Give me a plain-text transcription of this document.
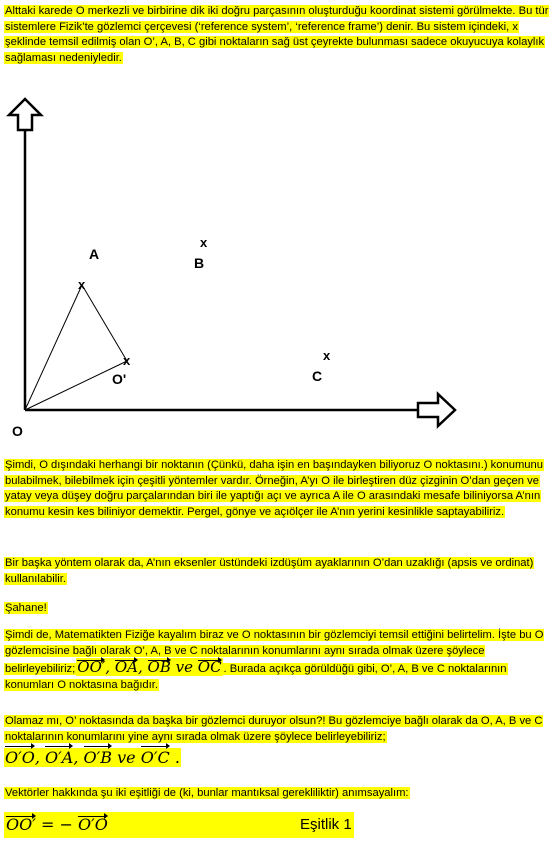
Alttaki karede O merkezli ve birbirine dik iki doğru parçasının oluşturduğu koordinat sistemi görülmekte. Bu tür sistemlere Fizik’te gözlemci çerçevesi (‘reference system’, ‘reference frame’) denir. Bu sistem içindeki, x şeklinde temsil edilmiş olan O’, A, B, C gibi noktaların sağ üst çeyrekte bulunması sadece okuyucuya kolaylık sağlaması nedeniyledir.
x
x
x
x
A
B
C
O'
O
Şimdi, O dışındaki herhangi bir noktanın (Çünkü, daha işin en başındayken biliyoruz O noktasını.) konumunu bulabilmek, bilebilmek için çeşitli yöntemler vardır. Örneğin, A’yı O ile birleştiren düz çizginin O’dan geçen ve yatay veya düşey doğru parçalarından biri ile yaptığı açı ve ayrıca A ile O arasındaki mesafe biliniyorsa A’nın konumu kesin kes biliniyor demektir. Pergel, gönye ve açıölçer ile A’nın yerini kesinlikle saptayabiliriz.
Bir başka yöntem olarak da, A’nın eksenler üstündeki izdüşüm ayaklarının O’dan uzaklığı (apsis ve ordinat) kullanılabilir.
Şahane!
Şimdi de, Matematikten Fiziğe kayalım biraz ve O noktasının bir gözlemciyi temsil ettiğini belirtelim. İşte bu O gözlemcisine bağlı olarak O’, A, B ve C noktalarının konumlarını aynı sırada olmak üzere şöylece belirleyebiliriz; OO′, OA, OB ve OC . Burada açıkça görüldüğü gibi, O’, A, B ve C noktalarının konumları O noktasına bağıdır.
Olamaz mı, O’ noktasında da başka bir gözlemci duruyor olsun?! Bu gözlemciye bağlı olarak da O, A, B ve C noktalarının konumlarını yine aynı sırada olmak üzere şöylece belirleyebiliriz;
O′O, O′A, O′B ve O′C .
Vektörler hakkında şu iki eşitliği de (ki, bunlar mantıksal gerekliliktir) anımsayalım:
OO′ = − O′O	Eşitlik 1
